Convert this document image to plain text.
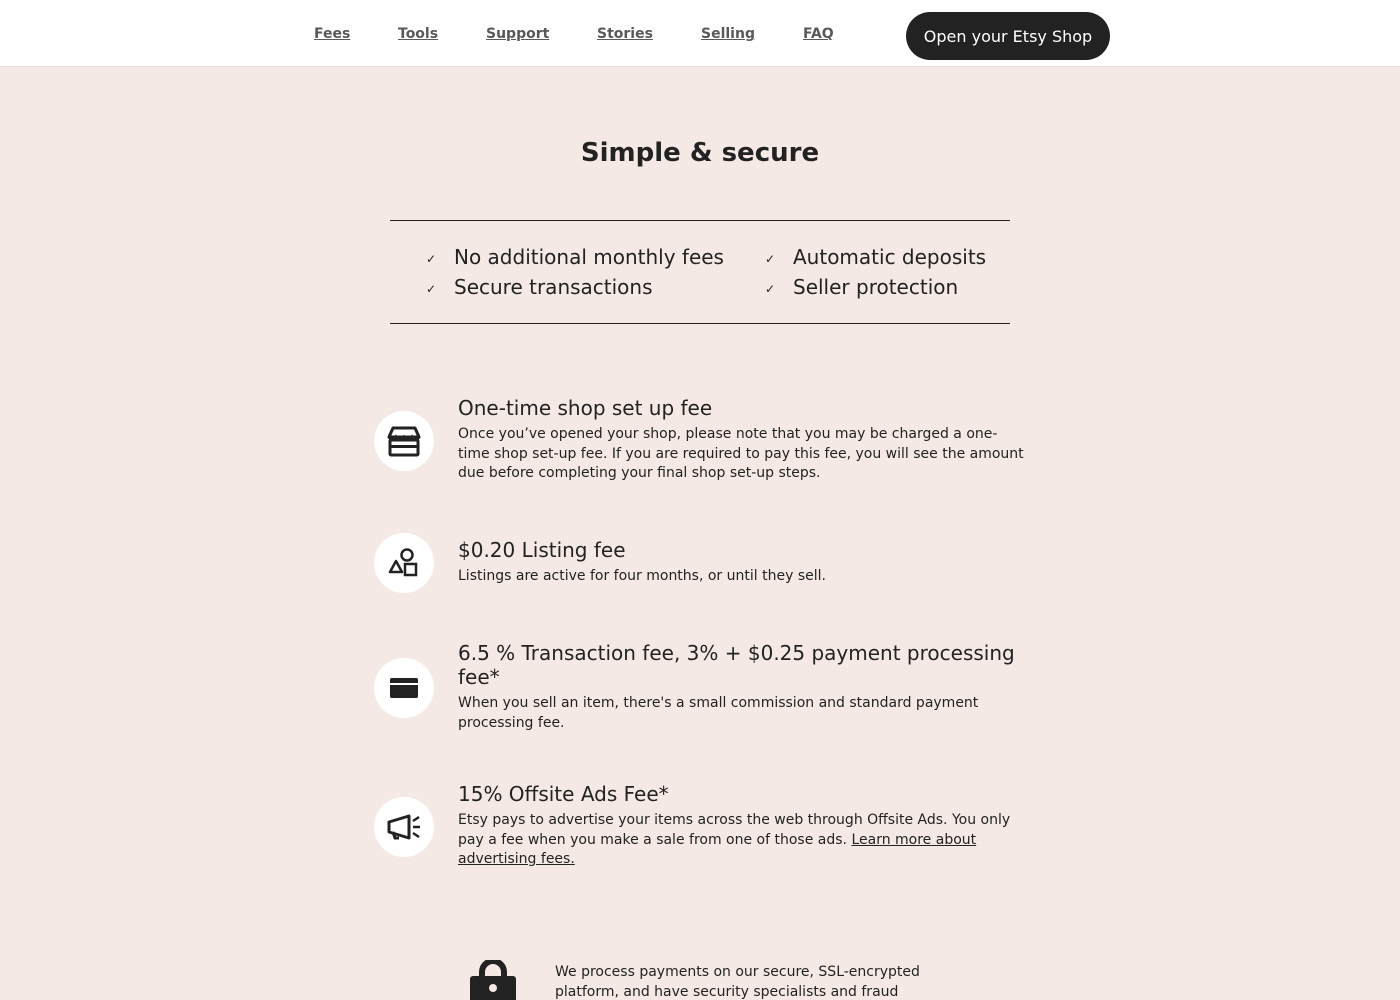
Fees	Tools	Support	Stories	Selling	FAQ	Open your Etsy Shop
Simple & secure
✓ No additional monthly fees	✓ Automatic deposits
✓ Secure transactions	✓ Seller protection
One-time shop set up fee
Once you’ve opened your shop, please note that you may be charged a one-time shop set-up fee. If you are required to pay this fee, you will see the amount due before completing your final shop set-up steps.
$0.20 Listing fee
Listings are active for four months, or until they sell.
6.5 % Transaction fee, 3% + $0.25 payment processing fee*
When you sell an item, there's a small commission and standard payment processing fee.
15% Offsite Ads Fee*
Etsy pays to advertise your items across the web through Offsite Ads. You only pay a fee when you make a sale from one of those ads. Learn more about advertising fees.
We process payments on our secure, SSL-encrypted platform, and have security specialists and fraud
